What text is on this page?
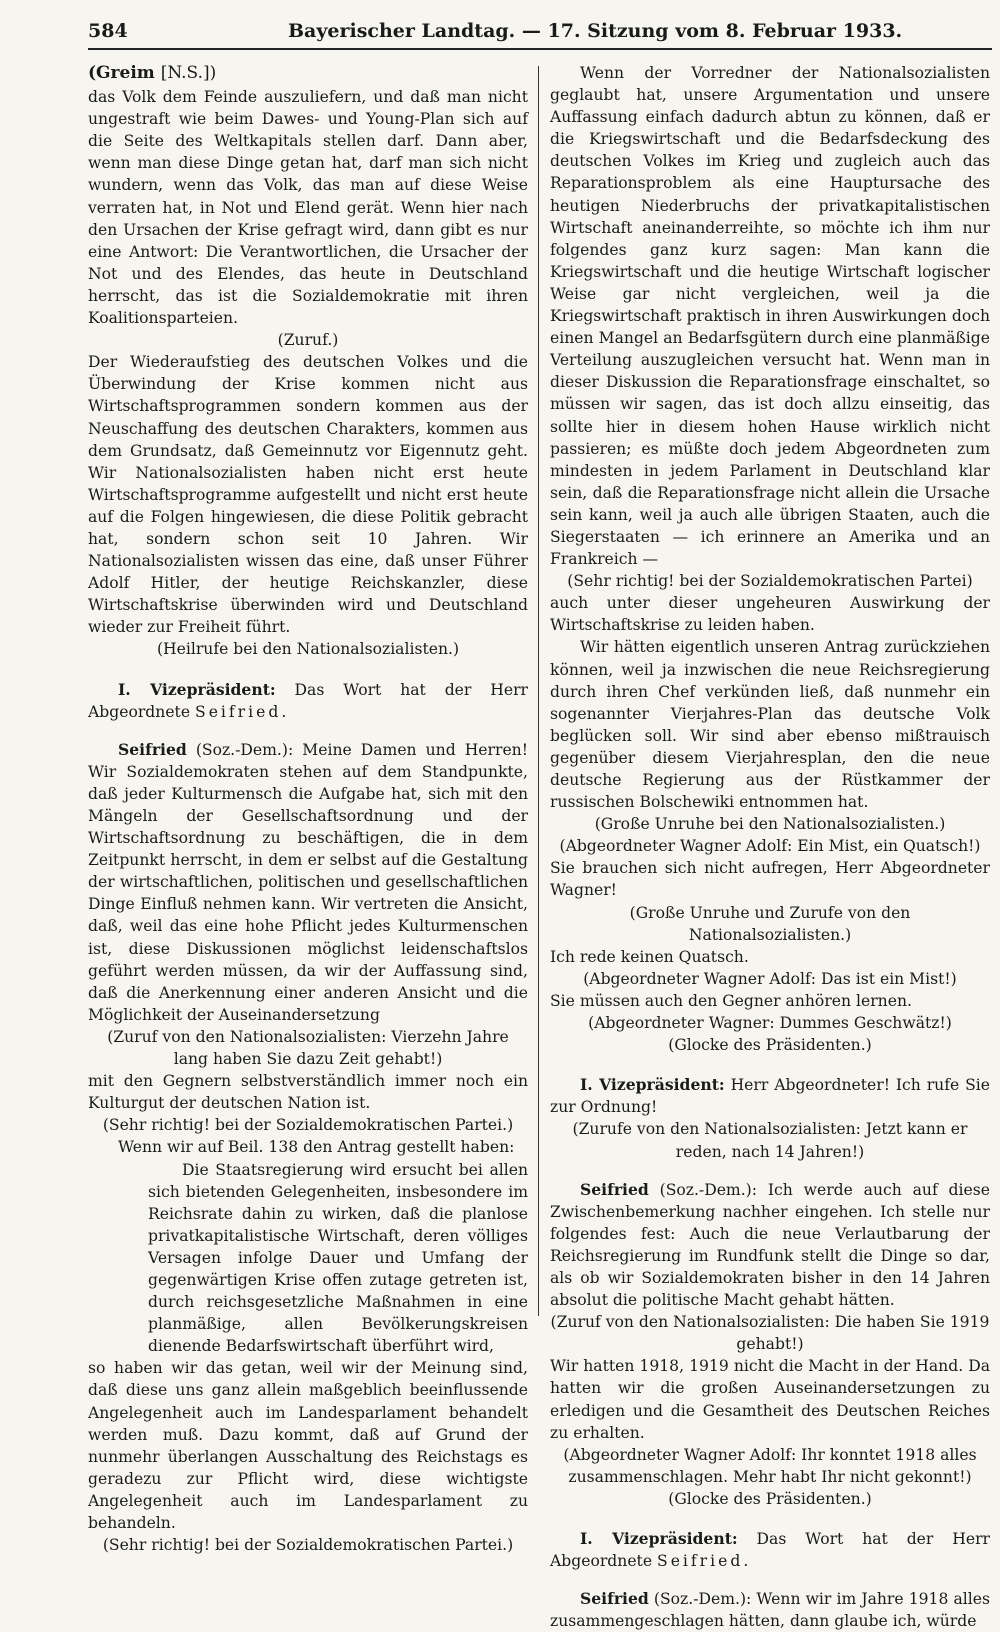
584	Bayerischer Landtag. — 17. Sitzung vom 8. Februar 1933.

(Greim [N.S.])

das Volk dem Feinde auszuliefern, und daß man nicht ungestraft wie beim Dawes- und Young-Plan sich auf die Seite des Weltkapitals stellen darf. Dann aber, wenn man diese Dinge getan hat, darf man sich nicht wundern, wenn das Volk, das man auf diese Weise verraten hat, in Not und Elend gerät. Wenn hier nach den Ursachen der Krise gefragt wird, dann gibt es nur eine Antwort: Die Verantwortlichen, die Ursacher der Not und des Elendes, das heute in Deutschland herrscht, das ist die Sozialdemokratie mit ihren Koalitionsparteien.

(Zuruf.)

Der Wiederaufstieg des deutschen Volkes und die Überwindung der Krise kommen nicht aus Wirtschaftsprogrammen sondern kommen aus der Neuschaffung des deutschen Charakters, kommen aus dem Grundsatz, daß Gemeinnutz vor Eigennutz geht. Wir Nationalsozialisten haben nicht erst heute Wirtschaftsprogramme aufgestellt und nicht erst heute auf die Folgen hingewiesen, die diese Politik gebracht hat, sondern schon seit 10 Jahren. Wir Nationalsozialisten wissen das eine, daß unser Führer Adolf Hitler, der heutige Reichskanzler, diese Wirtschaftskrise überwinden wird und Deutschland wieder zur Freiheit führt.

(Heilrufe bei den Nationalsozialisten.)

I. Vizepräsident: Das Wort hat der Herr Abgeordnete Seifried.

Seifried (Soz.-Dem.): Meine Damen und Herren! Wir Sozialdemokraten stehen auf dem Standpunkte, daß jeder Kulturmensch die Aufgabe hat, sich mit den Mängeln der Gesellschaftsordnung und der Wirtschaftsordnung zu beschäftigen, die in dem Zeitpunkt herrscht, in dem er selbst auf die Gestaltung der wirtschaftlichen, politischen und gesellschaftlichen Dinge Einfluß nehmen kann. Wir vertreten die Ansicht, daß, weil das eine hohe Pflicht jedes Kulturmenschen ist, diese Diskussionen möglichst leidenschaftslos geführt werden müssen, da wir der Auffassung sind, daß die Anerkennung einer anderen Ansicht und die Möglichkeit der Auseinandersetzung

(Zuruf von den Nationalsozialisten: Vierzehn Jahre lang haben Sie dazu Zeit gehabt!)

mit den Gegnern selbstverständlich immer noch ein Kulturgut der deutschen Nation ist.

(Sehr richtig! bei der Sozialdemokratischen Partei.)

Wenn wir auf Beil. 138 den Antrag gestellt haben:

Die Staatsregierung wird ersucht bei allen sich bietenden Gelegenheiten, insbesondere im Reichsrate dahin zu wirken, daß die planlose privatkapitalistische Wirtschaft, deren völliges Versagen infolge Dauer und Umfang der gegenwärtigen Krise offen zutage getreten ist, durch reichsgesetzliche Maßnahmen in eine planmäßige, allen Bevölkerungskreisen dienende Bedarfswirtschaft überführt wird,

so haben wir das getan, weil wir der Meinung sind, daß diese uns ganz allein maßgeblich beeinflussende Angelegenheit auch im Landesparlament behandelt werden muß. Dazu kommt, daß auf Grund der nunmehr überlangen Ausschaltung des Reichstags es geradezu zur Pflicht wird, diese wichtigste Angelegenheit auch im Landesparlament zu behandeln.

(Sehr richtig! bei der Sozialdemokratischen Partei.)

Wenn der Vorredner der Nationalsozialisten geglaubt hat, unsere Argumentation und unsere Auffassung einfach dadurch abtun zu können, daß er die Kriegswirtschaft und die Bedarfsdeckung des deutschen Volkes im Krieg und zugleich auch das Reparationsproblem als eine Hauptursache des heutigen Niederbruchs der privatkapitalistischen Wirtschaft aneinanderreihte, so möchte ich ihm nur folgendes ganz kurz sagen: Man kann die Kriegswirtschaft und die heutige Wirtschaft logischer Weise gar nicht vergleichen, weil ja die Kriegswirtschaft praktisch in ihren Auswirkungen doch einen Mangel an Bedarfsgütern durch eine planmäßige Verteilung auszugleichen versucht hat. Wenn man in dieser Diskussion die Reparationsfrage einschaltet, so müssen wir sagen, das ist doch allzu einseitig, das sollte hier in diesem hohen Hause wirklich nicht passieren; es müßte doch jedem Abgeordneten zum mindesten in jedem Parlament in Deutschland klar sein, daß die Reparationsfrage nicht allein die Ursache sein kann, weil ja auch alle übrigen Staaten, auch die Siegerstaaten — ich erinnere an Amerika und an Frankreich —

(Sehr richtig! bei der Sozialdemokratischen Partei)

auch unter dieser ungeheuren Auswirkung der Wirtschaftskrise zu leiden haben.

Wir hätten eigentlich unseren Antrag zurückziehen können, weil ja inzwischen die neue Reichsregierung durch ihren Chef verkünden ließ, daß nunmehr ein sogenannter Vierjahres-Plan das deutsche Volk beglücken soll. Wir sind aber ebenso mißtrauisch gegenüber diesem Vierjahresplan, den die neue deutsche Regierung aus der Rüstkammer der russischen Bolschewiki entnommen hat.

(Große Unruhe bei den Nationalsozialisten.)

(Abgeordneter Wagner Adolf: Ein Mist, ein Quatsch!)

Sie brauchen sich nicht aufregen, Herr Abgeordneter Wagner!

(Große Unruhe und Zurufe von den Nationalsozialisten.)

Ich rede keinen Quatsch.

(Abgeordneter Wagner Adolf: Das ist ein Mist!)

Sie müssen auch den Gegner anhören lernen.

(Abgeordneter Wagner: Dummes Geschwätz!)

(Glocke des Präsidenten.)

I. Vizepräsident: Herr Abgeordneter! Ich rufe Sie zur Ordnung!

(Zurufe von den Nationalsozialisten: Jetzt kann er reden, nach 14 Jahren!)

Seifried (Soz.-Dem.): Ich werde auch auf diese Zwischenbemerkung nachher eingehen. Ich stelle nur folgendes fest: Auch die neue Verlautbarung der Reichsregierung im Rundfunk stellt die Dinge so dar, als ob wir Sozialdemokraten bisher in den 14 Jahren absolut die politische Macht gehabt hätten.

(Zuruf von den Nationalsozialisten: Die haben Sie 1919 gehabt!)

Wir hatten 1918, 1919 nicht die Macht in der Hand. Da hatten wir die großen Auseinandersetzungen zu erledigen und die Gesamtheit des Deutschen Reiches zu erhalten.

(Abgeordneter Wagner Adolf: Ihr konntet 1918 alles zusammenschlagen. Mehr habt Ihr nicht gekonnt!)

(Glocke des Präsidenten.)

I. Vizepräsident: Das Wort hat der Herr Abgeordnete Seifried.

Seifried (Soz.-Dem.): Wenn wir im Jahre 1918 alles zusammengeschlagen hätten, dann glaube ich, würde
